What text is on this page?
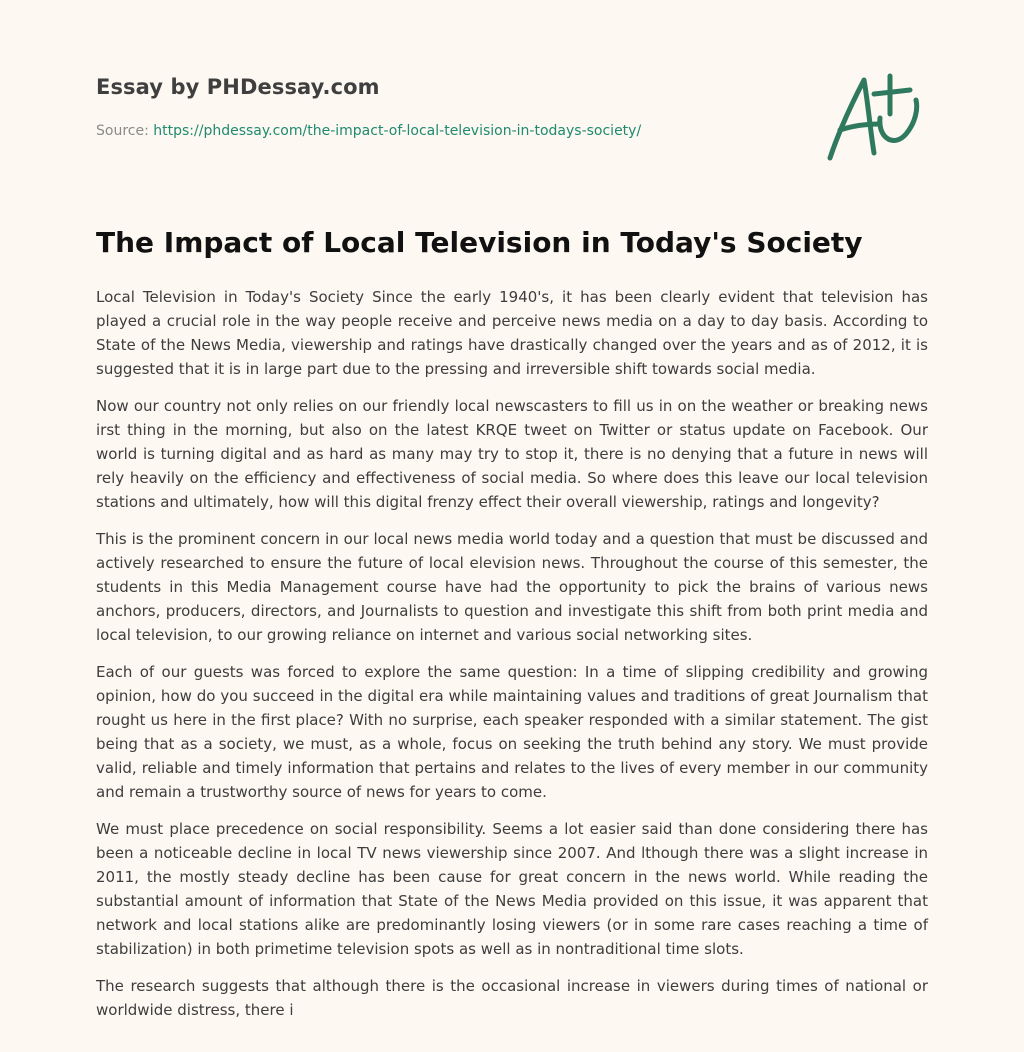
Essay by PHDessay.com
Source: https://phdessay.com/the-impact-of-local-television-in-todays-society/
The Impact of Local Television in Today's Society

Local Television in Today's Society Since the early 1940's, it has been clearly evident that television has played a crucial role in the way people receive and perceive news media on a day to day basis. According to State of the News Media, viewership and ratings have drastically changed over the years and as of 2012, it is suggested that it is in large part due to the pressing and irreversible shift towards social media.

Now our country not only relies on our friendly local newscasters to fill us in on the weather or breaking news irst thing in the morning, but also on the latest KRQE tweet on Twitter or status update on Facebook. Our world is turning digital and as hard as many may try to stop it, there is no denying that a future in news will rely heavily on the efficiency and effectiveness of social media. So where does this leave our local television stations and ultimately, how will this digital frenzy effect their overall viewership, ratings and longevity?

This is the prominent concern in our local news media world today and a question that must be discussed and actively researched to ensure the future of local elevision news. Throughout the course of this semester, the students in this Media Management course have had the opportunity to pick the brains of various news anchors, producers, directors, and Journalists to question and investigate this shift from both print media and local television, to our growing reliance on internet and various social networking sites.

Each of our guests was forced to explore the same question: In a time of slipping credibility and growing opinion, how do you succeed in the digital era while maintaining values and traditions of great Journalism that rought us here in the first place? With no surprise, each speaker responded with a similar statement. The gist being that as a society, we must, as a whole, focus on seeking the truth behind any story. We must provide valid, reliable and timely information that pertains and relates to the lives of every member in our community and remain a trustworthy source of news for years to come.

We must place precedence on social responsibility. Seems a lot easier said than done considering there has been a noticeable decline in local TV news viewership since 2007. And lthough there was a slight increase in 2011, the mostly steady decline has been cause for great concern in the news world. While reading the substantial amount of information that State of the News Media provided on this issue, it was apparent that network and local stations alike are predominantly losing viewers (or in some rare cases reaching a time of stabilization) in both primetime television spots as well as in nontraditional time slots.

The research suggests that although there is the occasional increase in viewers during times of national or worldwide distress, there i
